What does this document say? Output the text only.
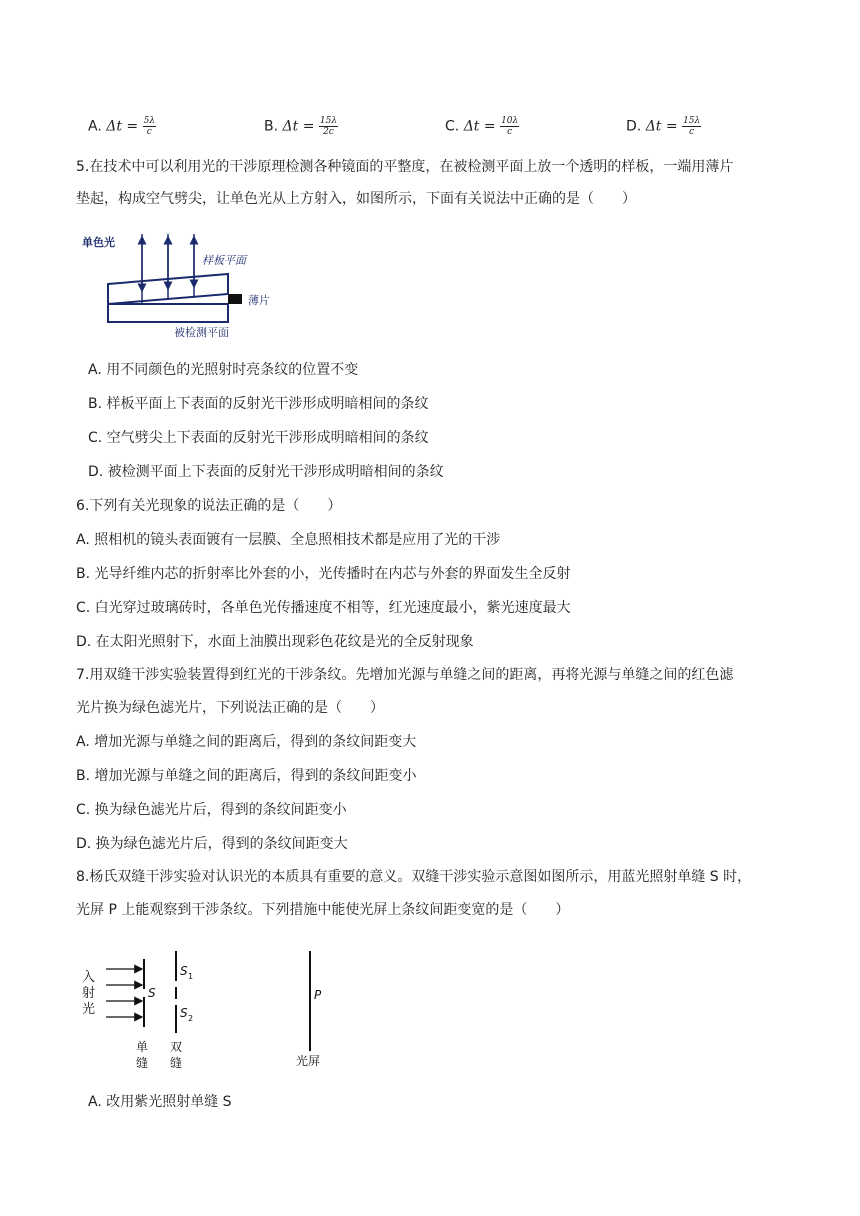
A. $\Delta t = \frac{5\lambda}{c}$	B. $\Delta t = \frac{15\lambda}{2c}$	C. $\Delta t = \frac{10\lambda}{c}$	D. $\Delta t = \frac{15\lambda}{c}$
5.在技术中可以利用光的干涉原理检测各种镜面的平整度，在被检测平面上放一个透明的样板，一端用薄片
垫起，构成空气劈尖，让单色光从上方射入，如图所示，下面有关说法中正确的是（　　）
单色光
样板平面
薄片
被检测平面
A. 用不同颜色的光照射时亮条纹的位置不变
B. 样板平面上下表面的反射光干涉形成明暗相间的条纹
C. 空气劈尖上下表面的反射光干涉形成明暗相间的条纹
D. 被检测平面上下表面的反射光干涉形成明暗相间的条纹
6.下列有关光现象的说法正确的是（　　）
A. 照相机的镜头表面镀有一层膜、全息照相技术都是应用了光的干涉
B. 光导纤维内芯的折射率比外套的小，光传播时在内芯与外套的界面发生全反射
C. 白光穿过玻璃砖时，各单色光传播速度不相等，红光速度最小，紫光速度最大
D. 在太阳光照射下，水面上油膜出现彩色花纹是光的全反射现象
7.用双缝干涉实验装置得到红光的干涉条纹。先增加光源与单缝之间的距离，再将光源与单缝之间的红色滤
光片换为绿色滤光片，下列说法正确的是（　　）
A. 增加光源与单缝之间的距离后，得到的条纹间距变大
B. 增加光源与单缝之间的距离后，得到的条纹间距变小
C. 换为绿色滤光片后，得到的条纹间距变小
D. 换为绿色滤光片后，得到的条纹间距变大
8.杨氏双缝干涉实验对认识光的本质具有重要的意义。双缝干涉实验示意图如图所示，用蓝光照射单缝 S 时，
光屏 P 上能观察到干涉条纹。下列措施中能使光屏上条纹间距变宽的是（　　）
入
射
光
S
S 1
S 2
P
单
缝
双
缝	光屏
A. 改用紫光照射单缝 S
